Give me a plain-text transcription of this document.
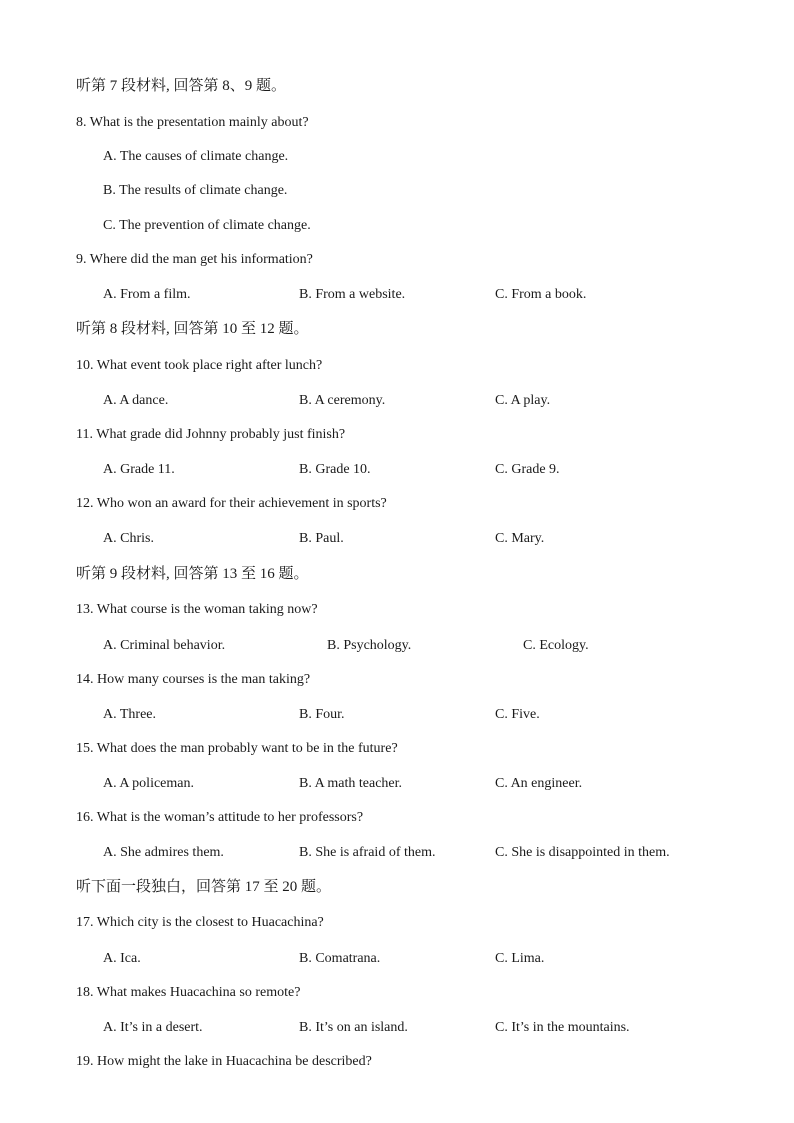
听第 7 段材料, 回答第 8、9 题。
8. What is the presentation mainly about?
A. The causes of climate change.
B. The results of climate change.
C. The prevention of climate change.
9. Where did the man get his information?
A. From a film.	B. From a website.	C. From a book.
听第 8 段材料, 回答第 10 至 12 题。
10. What event took place right after lunch?
A. A dance.	B. A ceremony.	C. A play.
11. What grade did Johnny probably just finish?
A. Grade 11.	B. Grade 10.	C. Grade 9.
12. Who won an award for their achievement in sports?
A. Chris.	B. Paul.	C. Mary.
听第 9 段材料, 回答第 13 至 16 题。
13. What course is the woman taking now?
A. Criminal behavior.	B. Psychology.	C. Ecology.
14. How many courses is the man taking?
A. Three.	B. Four.	C. Five.
15. What does the man probably want to be in the future?
A. A policeman.	B. A math teacher.	C. An engineer.
16. What is the woman’s attitude to her professors?
A. She admires them.	B. She is afraid of them.	C. She is disappointed in them.
听下面一段独白，回答第 17 至 20 题。
17. Which city is the closest to Huacachina?
A. Ica.	B. Comatrana.	C. Lima.
18. What makes Huacachina so remote?
A. It’s in a desert.	B. It’s on an island.	C. It’s in the mountains.
19. How might the lake in Huacachina be described?
